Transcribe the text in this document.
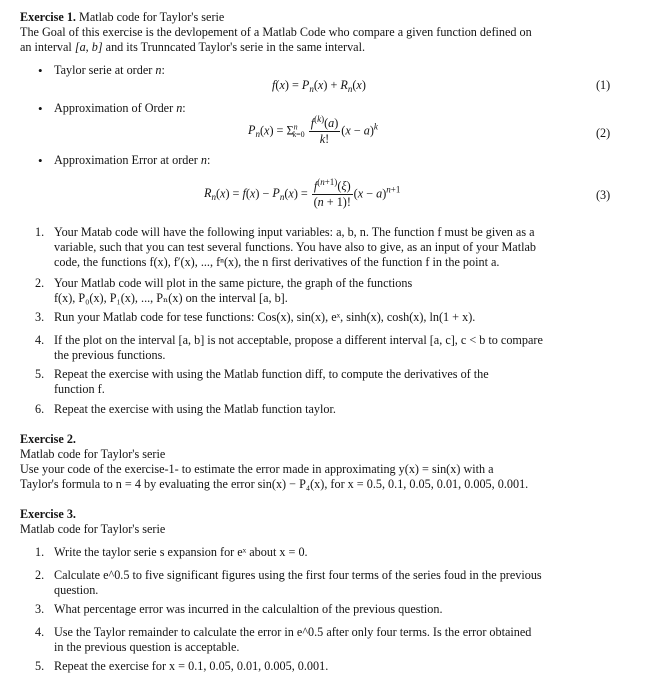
Exercise 1. Matlab code for Taylor's serie
The Goal of this exercise is the devlopement of a Matlab Code who compare a given function defined on
an interval [a, b] and its Trunncated Taylor's serie in the same interval.
• Taylor serie at order n:
$f(x) = P_n(x) + R_n(x)$	(1)
• Approximation of Order n:
$P_n(x) = \Sigma^n_{k=0} \frac{f^{(k)}(a)}{k!} (x - a)^k$	(2)
• Approximation Error at order n:
$R_n(x) = f(x) - P_n(x) = \frac{f^{(n+1)}(\xi)}{(n + 1)!} (x - a)^{n+1}$	(3)
1. Your Matab code will have the following input variables: a, b, n. The function f must be given as a
variable, such that you can test several functions. You have also to give, as an input of your Matlab
code, the functions f(x), f′(x), ..., fⁿ(x), the n first derivatives of the function f in the point a.
2. Your Matlab code will plot in the same picture, the graph of the functions
f(x), P₀(x), P₁(x), ..., Pₙ(x) on the interval [a, b].
3. Run your Matlab code for tese functions: Cos(x), sin(x), eˣ, sinh(x), cosh(x), ln(1 + x).
4. If the plot on the interval [a, b] is not acceptable, propose a different interval [a, c], c < b to compare
the previous functions.
5. Repeat the exercise with using the Matlab function diff, to compute the derivatives of the
function f.
6. Repeat the exercise with using the Matlab function taylor.
Exercise 2.
Matlab code for Taylor's serie
Use your code of the exercise-1- to estimate the error made in approximating y(x) = sin(x) with a
Taylor's formula to n = 4 by evaluating the error sin(x) − P₄(x), for x = 0.5, 0.1, 0.05, 0.01, 0.005, 0.001.
Exercise 3.
Matlab code for Taylor's serie
1. Write the taylor serie s expansion for eˣ about x = 0.
2. Calculate e^0.5 to five significant figures using the first four terms of the series foud in the previous
question.
3. What percentage error was incurred in the calculaltion of the previous question.
4. Use the Taylor remainder to calculate the error in e^0.5 after only four terms. Is the error obtained
in the previous question is acceptable.
5. Repeat the exercise for x = 0.1, 0.05, 0.01, 0.005, 0.001.
